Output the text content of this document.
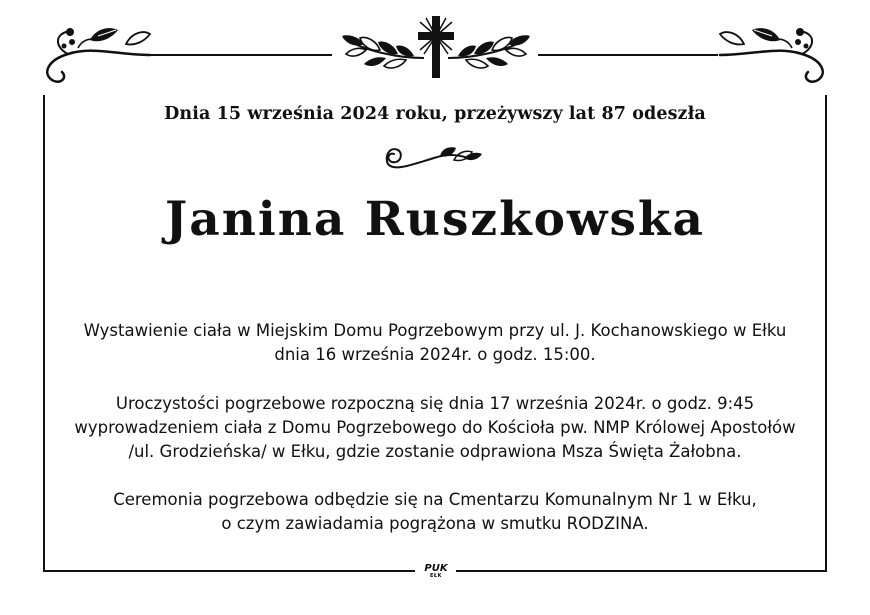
Dnia 15 września 2024 roku, przeżywszy lat 87 odeszła
Janina Ruszkowska
Wystawienie ciała w Miejskim Domu Pogrzebowym przy ul. J. Kochanowskiego w Ełku
dnia 16 września 2024r. o godz. 15:00.
Uroczystości pogrzebowe rozpoczną się dnia 17 września 2024r. o godz. 9:45
wyprowadzeniem ciała z Domu Pogrzebowego do Kościoła pw. NMP Królowej Apostołów
/ul. Grodzieńska/ w Ełku, gdzie zostanie odprawiona Msza Święta Żałobna.
Ceremonia pogrzebowa odbędzie się na Cmentarzu Komunalnym Nr 1 w Ełku,
o czym zawiadamia pogrążona w smutku RODZINA.
PUK
EŁK
